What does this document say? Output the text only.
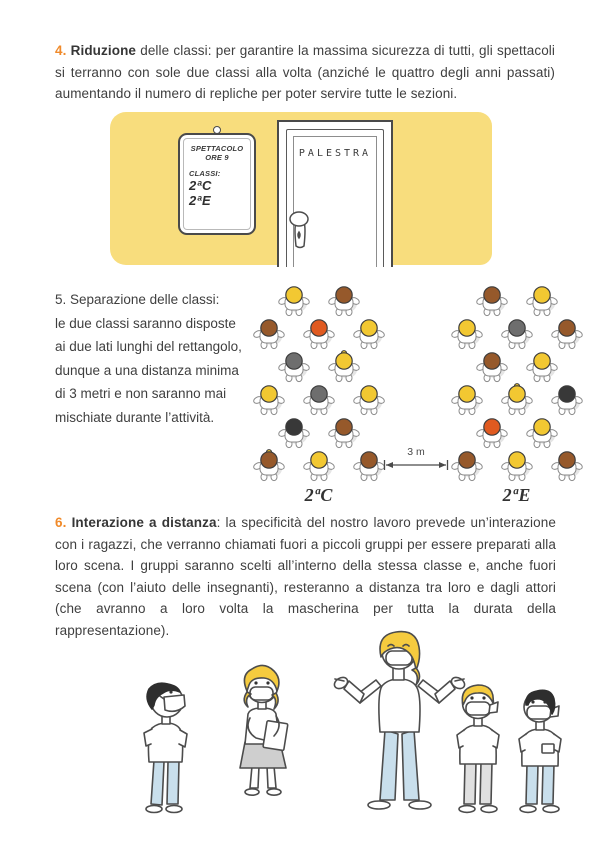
4. Riduzione delle classi: per garantire la massima sicurezza di tutti, gli spettacoli si terranno con sole due classi alla volta (anziché le quattro degli anni passati) aumentando il numero di repliche per poter servire tutte le sezioni.

SPETTACOLO
ORE 9
CLASSI:
2ªC
2ªE
PALESTRA
5. Separazione delle classi:
le due classi saranno disposte
ai due lati lunghi del rettangolo,
dunque a una distanza minima
di 3 metri e non saranno mai
mischiate durante l’attività.
2ªC	2ªE
3 m

6. Interazione a distanza: la specificità del nostro lavoro prevede un’interazione con i ragazzi, che verranno chiamati fuori a piccoli gruppi per essere preparati alla loro scena. I gruppi saranno scelti all’interno della stessa classe e, anche fuori scena (con l’aiuto delle insegnanti), resteranno a distanza tra loro e dagli attori (che avranno a loro volta la mascherina per tutta la durata della rappresentazione).
